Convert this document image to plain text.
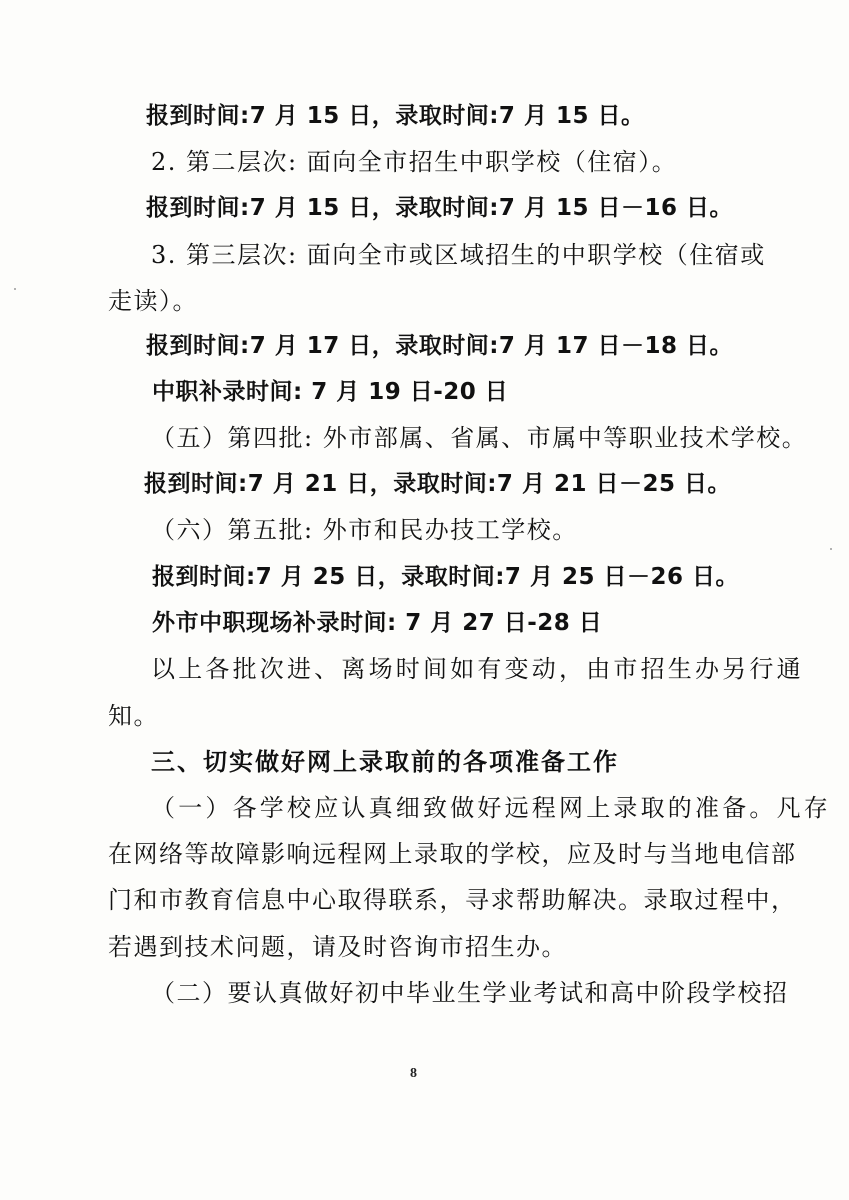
报到时间:7 月 15 日，录取时间:7 月 15 日。
2. 第二层次: 面向全市招生中职学校（住宿）。
报到时间:7 月 15 日，录取时间:7 月 15 日－16 日。
3. 第三层次: 面向全市或区域招生的中职学校（住宿或
走读）。
报到时间:7 月 17 日，录取时间:7 月 17 日－18 日。
中职补录时间: 7 月 19 日-20 日
（五）第四批: 外市部属、省属、市属中等职业技术学校。
报到时间:7 月 21 日，录取时间:7 月 21 日－25 日。
（六）第五批: 外市和民办技工学校。
报到时间:7 月 25 日，录取时间:7 月 25 日－26 日。
外市中职现场补录时间: 7 月 27 日-28 日
以上各批次进、离场时间如有变动，由市招生办另行通
知。
三、切实做好网上录取前的各项准备工作
（一）各学校应认真细致做好远程网上录取的准备。凡存
在网络等故障影响远程网上录取的学校，应及时与当地电信部
门和市教育信息中心取得联系，寻求帮助解决。录取过程中，
若遇到技术问题，请及时咨询市招生办。
（二）要认真做好初中毕业生学业考试和高中阶段学校招
8
